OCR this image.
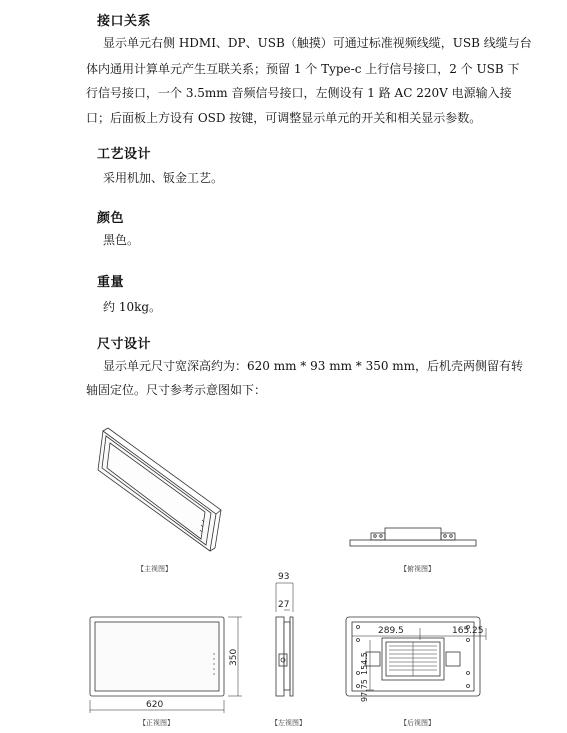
接口关系
显示单元右侧 HDMI、DP、USB（触摸）可通过标准视频线缆，USB 线缆与台
体内通用计算单元产生互联关系；预留 1 个 Type-c 上行信号接口，2 个 USB 下
行信号接口，一个 3.5mm 音频信号接口，左侧设有 1 路 AC 220V 电源输入接
口；后面板上方设有 OSD 按键，可调整显示单元的开关和相关显示参数。
工艺设计
采用机加、钣金工艺。
颜色
黑色。
重量
约 10kg。
尺寸设计
显示单元尺寸宽深高约为：620 mm * 93 mm * 350 mm，后机壳两侧留有转
轴固定位。尺寸参考示意图如下：
93
27
350
620
289.5	165.25
154.5
97.75
【主视图】	【俯视图】
【正视图】	【左视图】	【后视图】
